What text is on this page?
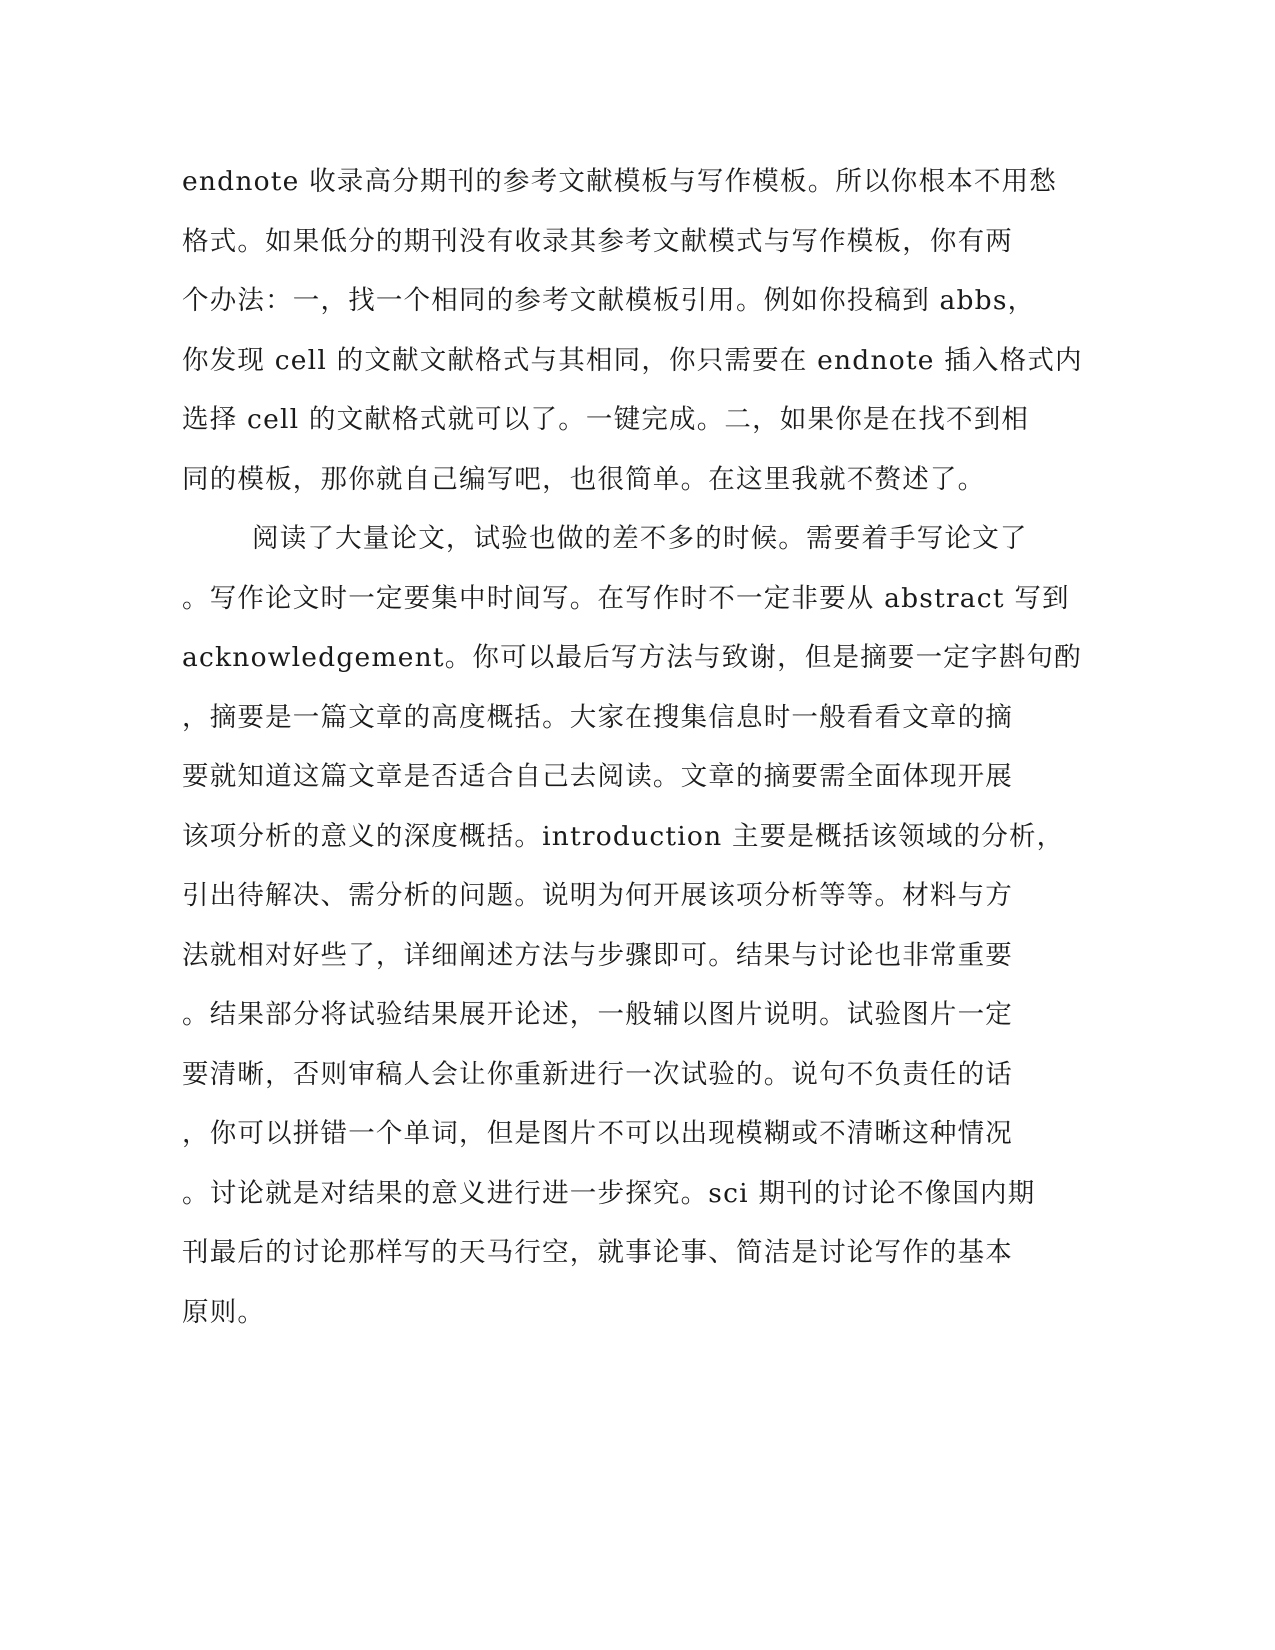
endnote 收录高分期刊的参考文献模板与写作模板。所以你根本不用愁
格式。如果低分的期刊没有收录其参考文献模式与写作模板，你有两
个办法：一，找一个相同的参考文献模板引用。例如你投稿到 abbs，
你发现 cell 的文献文献格式与其相同，你只需要在 endnote 插入格式内
选择 cell 的文献格式就可以了。一键完成。二，如果你是在找不到相
同的模板，那你就自己编写吧，也很简单。在这里我就不赘述了。
阅读了大量论文，试验也做的差不多的时候。需要着手写论文了
。写作论文时一定要集中时间写。在写作时不一定非要从 abstract 写到
acknowledgement。你可以最后写方法与致谢，但是摘要一定字斟句酌
，摘要是一篇文章的高度概括。大家在搜集信息时一般看看文章的摘
要就知道这篇文章是否适合自己去阅读。文章的摘要需全面体现开展
该项分析的意义的深度概括。introduction 主要是概括该领域的分析，
引出待解决、需分析的问题。说明为何开展该项分析等等。材料与方
法就相对好些了，详细阐述方法与步骤即可。结果与讨论也非常重要
。结果部分将试验结果展开论述，一般辅以图片说明。试验图片一定
要清晰，否则审稿人会让你重新进行一次试验的。说句不负责任的话
，你可以拼错一个单词，但是图片不可以出现模糊或不清晰这种情况
。讨论就是对结果的意义进行进一步探究。sci 期刊的讨论不像国内期
刊最后的讨论那样写的天马行空，就事论事、简洁是讨论写作的基本
原则。
